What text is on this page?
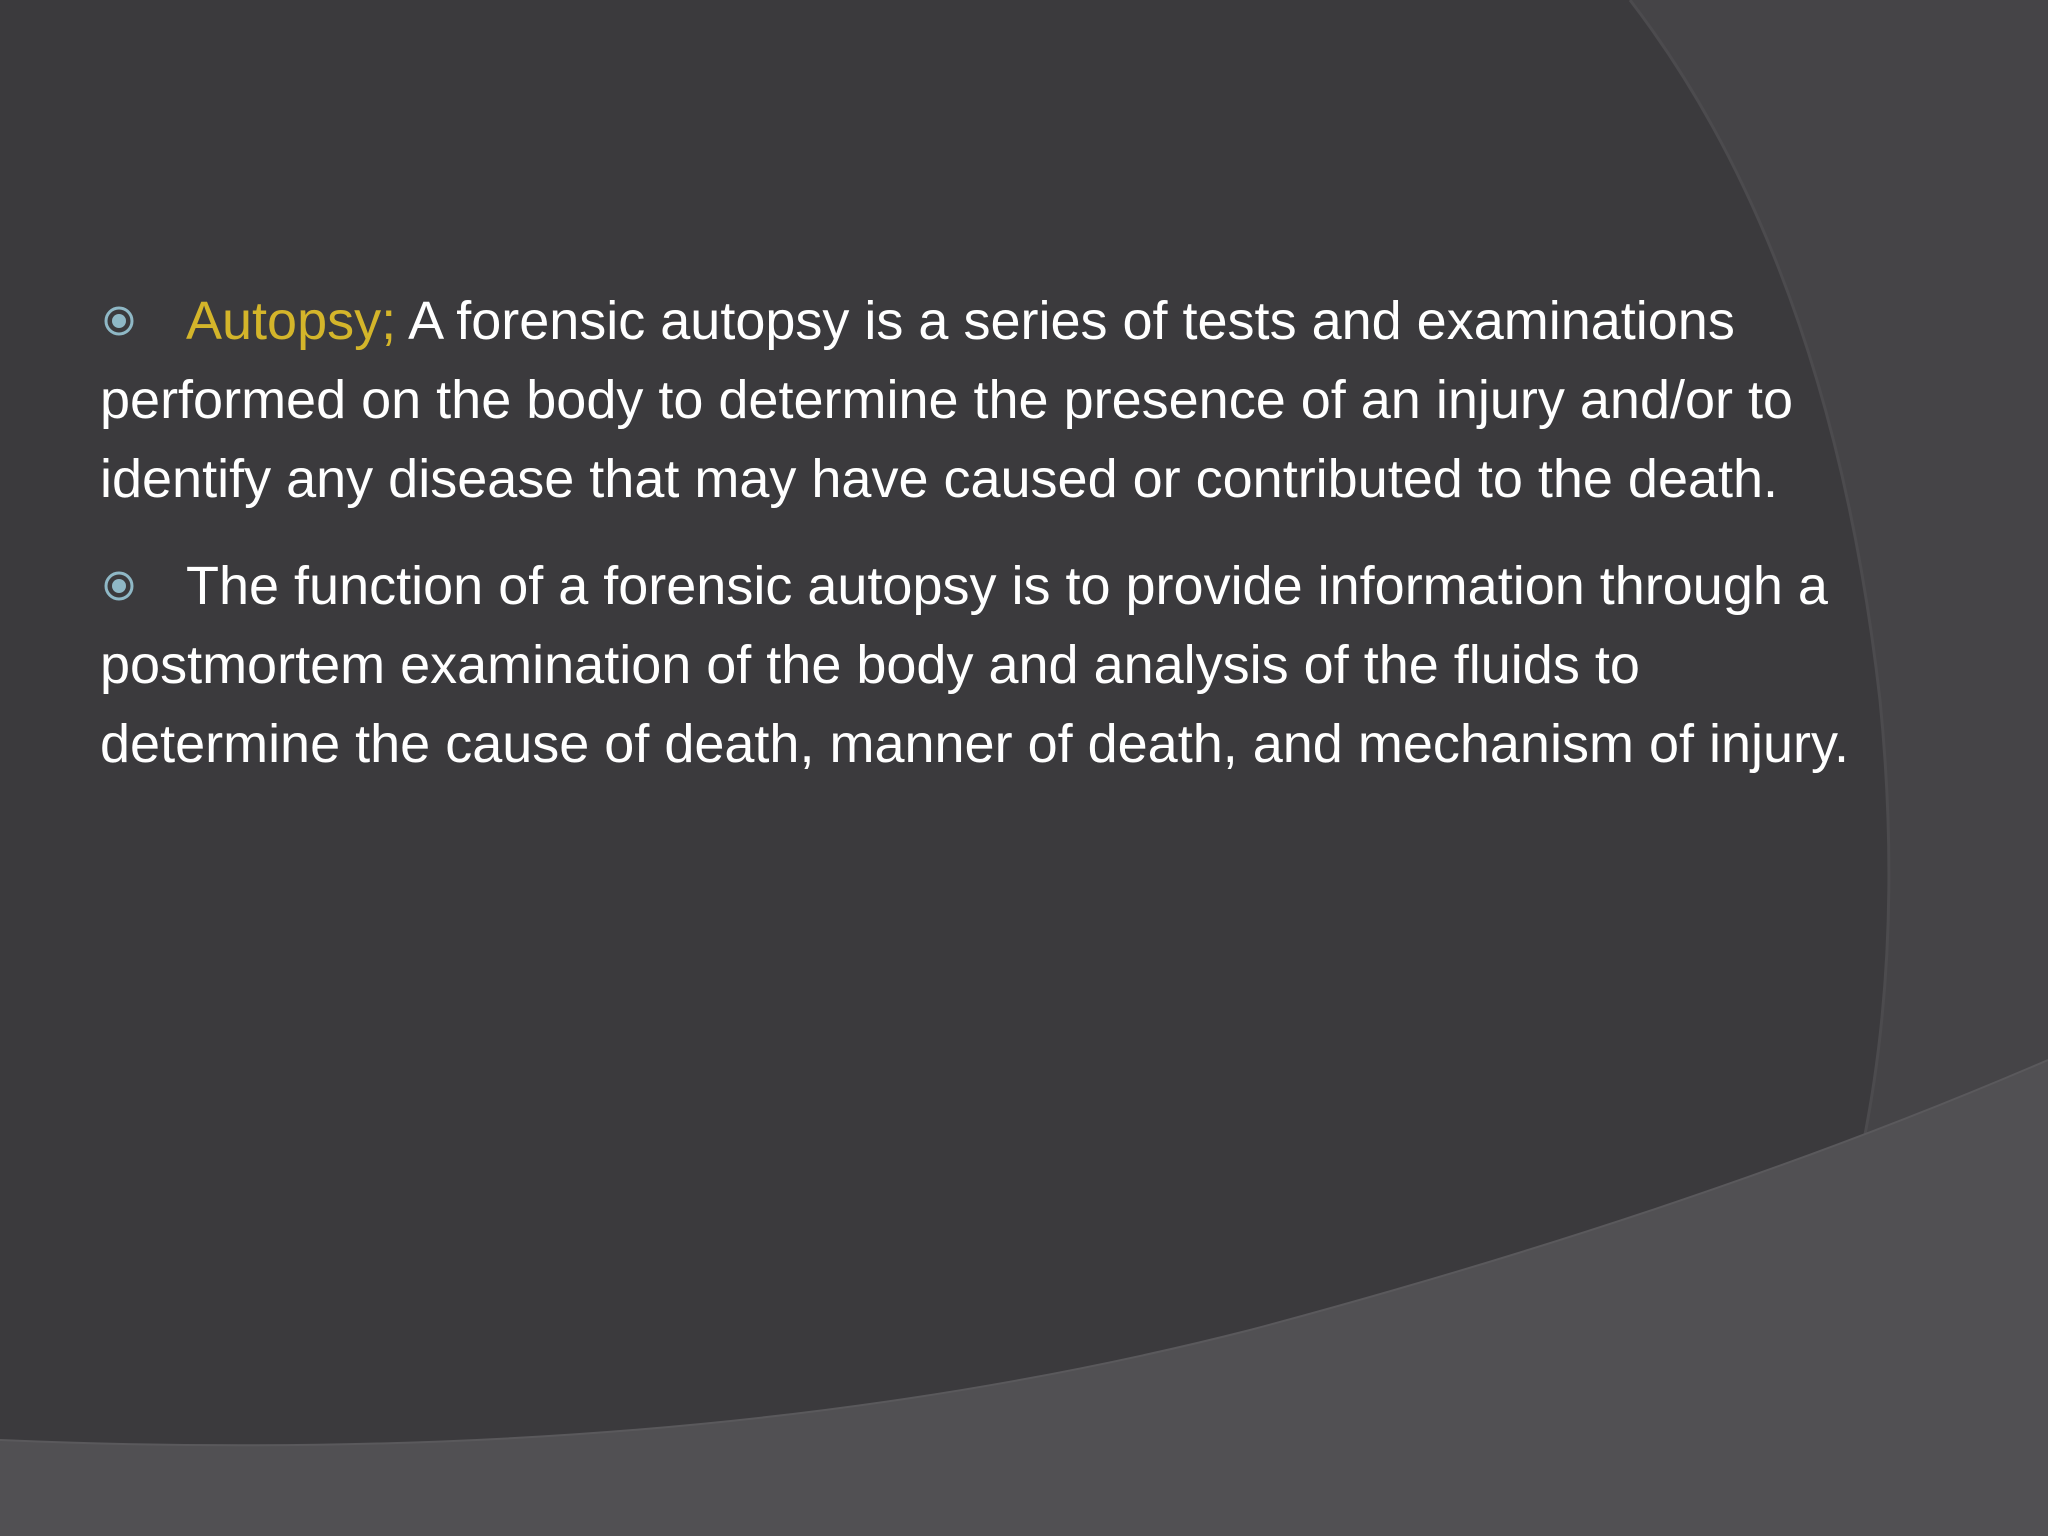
Autopsy; A forensic autopsy is a series of tests and examinations performed on the body to determine the presence of an injury and/or to identify any disease that may have caused or contributed to the death.

The function of a forensic autopsy is to provide information through a postmortem examination of the body and analysis of the fluids to determine the cause of death, manner of death, and mechanism of injury.
